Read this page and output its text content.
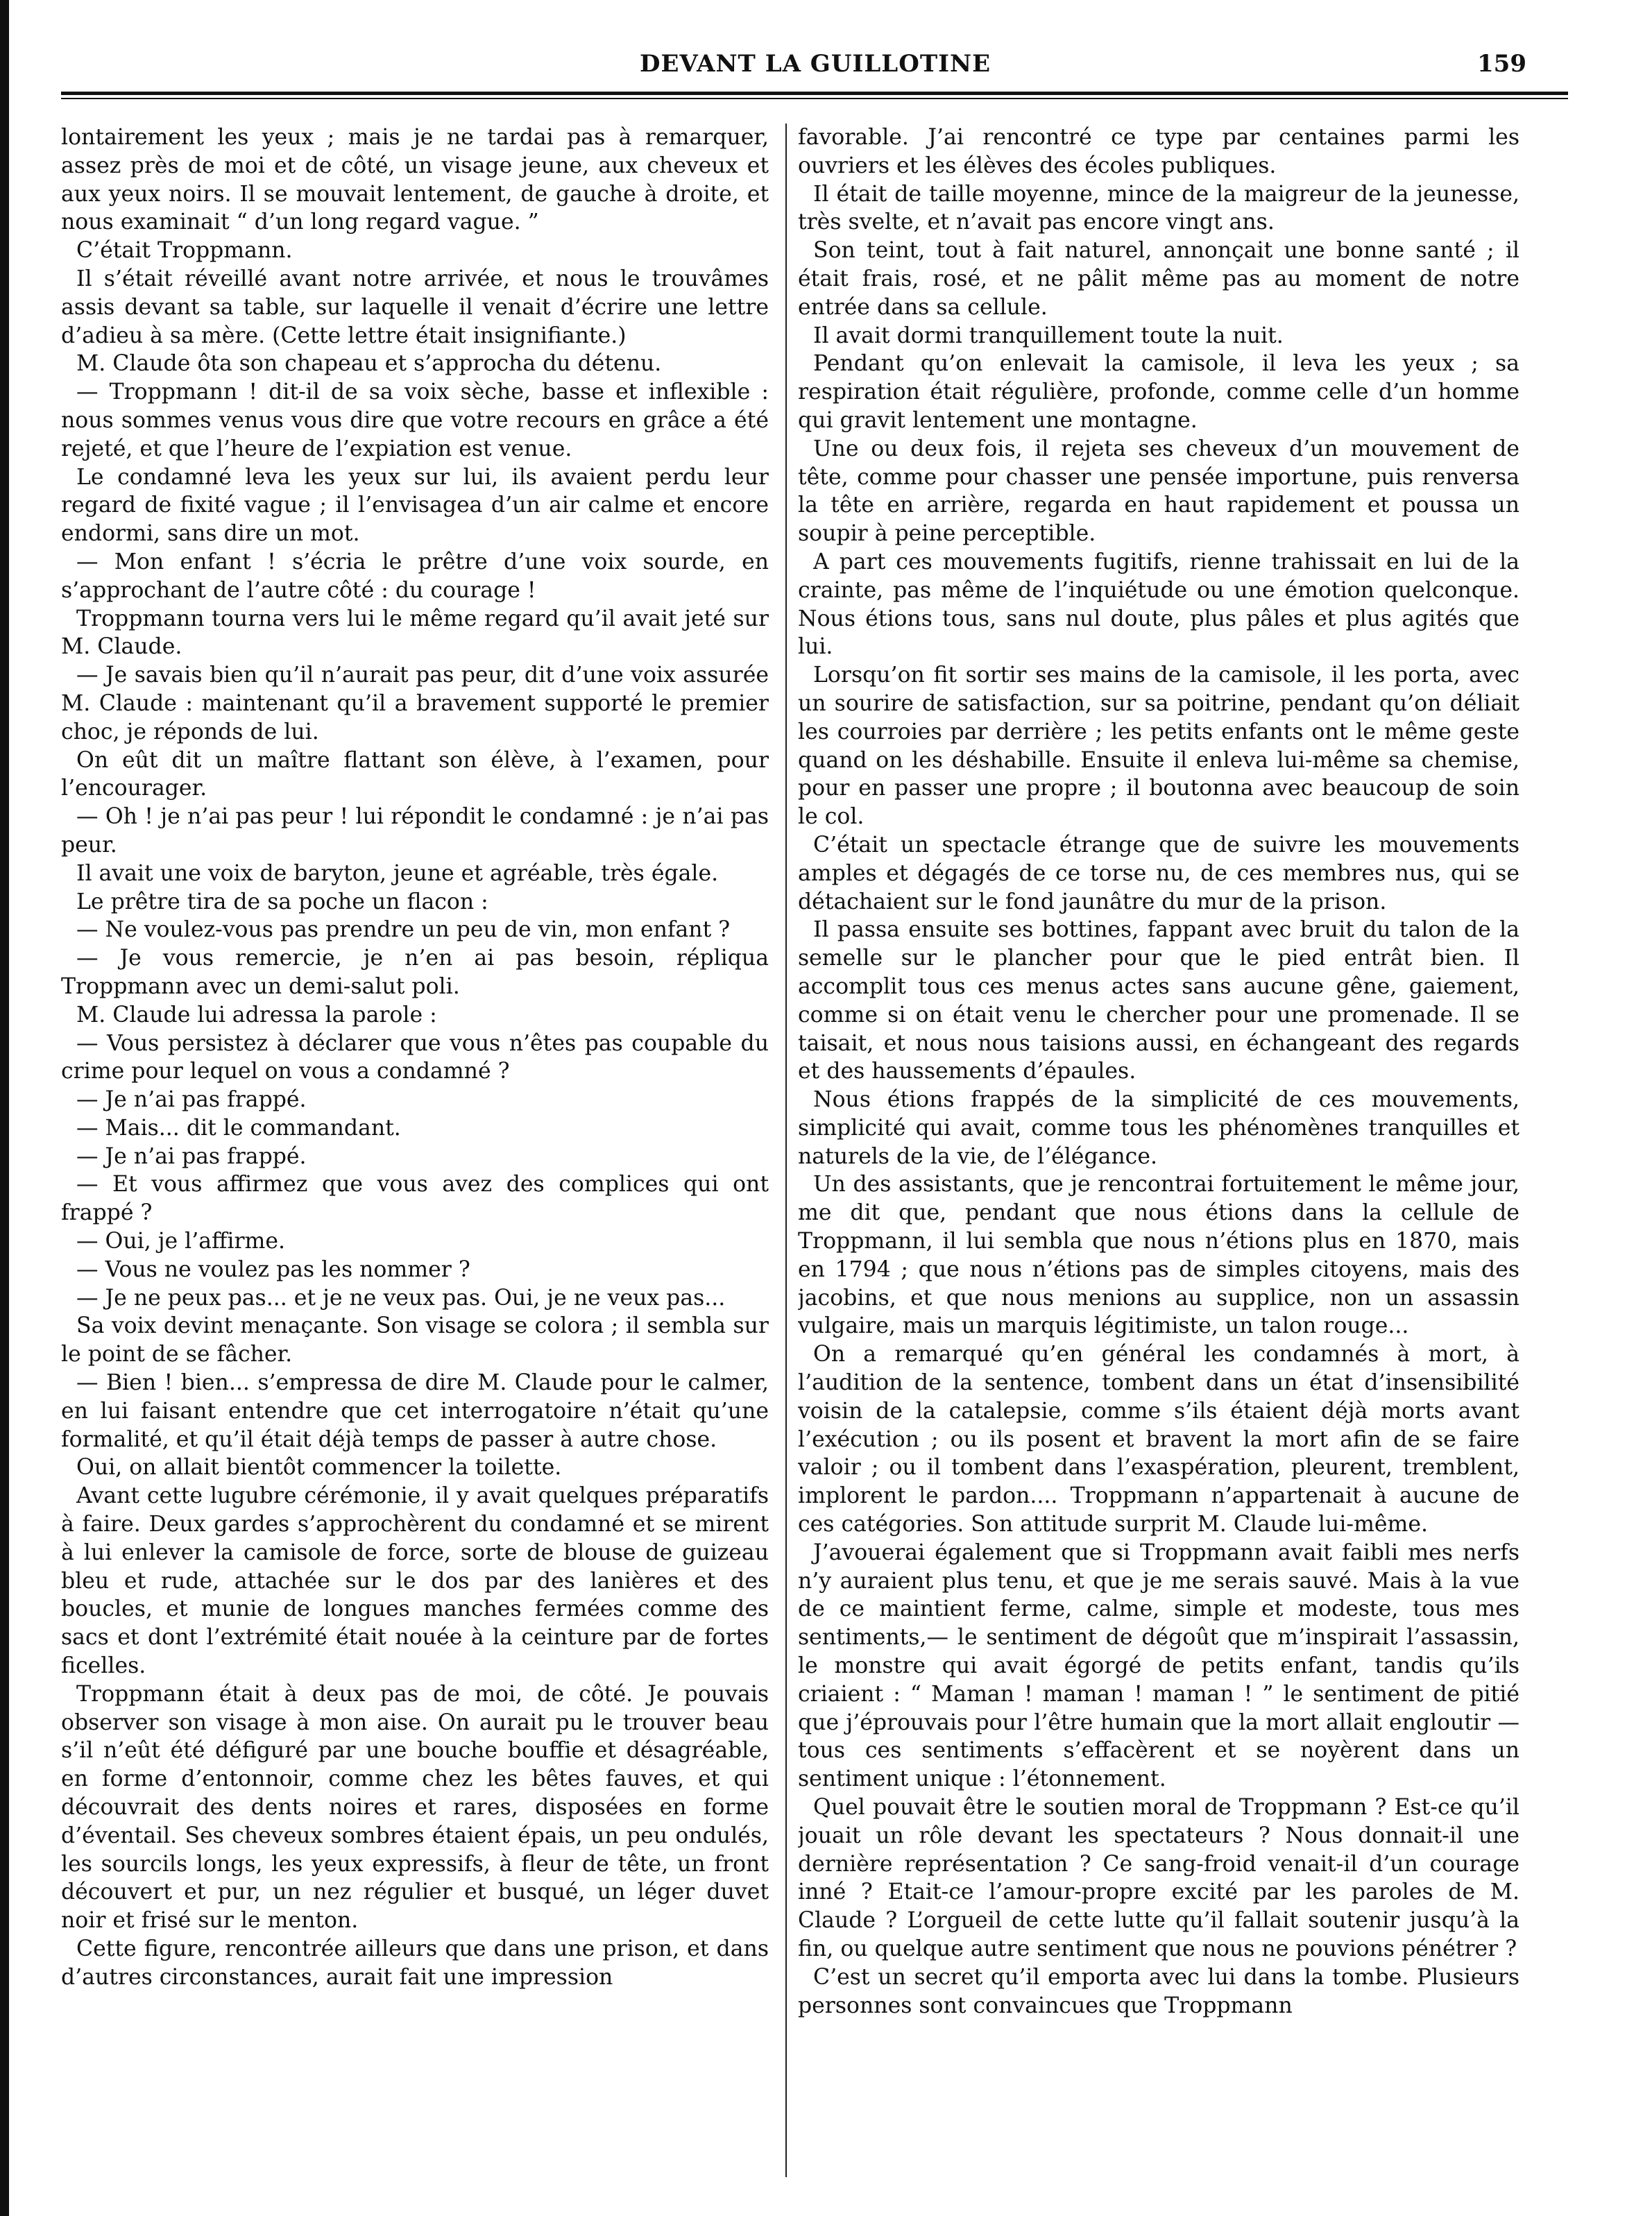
DEVANT LA GUILLOTINE	159

lontairement les yeux ; mais je ne tardai pas à remarquer, assez près de moi et de côté, un visage jeune, aux cheveux et aux yeux noirs. Il se mouvait lentement, de gauche à droite, et nous examinait “ d’un long regard vague. ”

C’était Troppmann.

Il s’était réveillé avant notre arrivée, et nous le trouvâmes assis devant sa table, sur laquelle il venait d’écrire une lettre d’adieu à sa mère. (Cette lettre était insignifiante.)

M. Claude ôta son chapeau et s’approcha du détenu.

— Troppmann ! dit-il de sa voix sèche, basse et inflexible : nous sommes venus vous dire que votre recours en grâce a été rejeté, et que l’heure de l’expiation est venue.

Le condamné leva les yeux sur lui, ils avaient perdu leur regard de fixité vague ; il l’envisagea d’un air calme et encore endormi, sans dire un mot.

— Mon enfant ! s’écria le prêtre d’une voix sourde, en s’approchant de l’autre côté : du courage !

Troppmann tourna vers lui le même regard qu’il avait jeté sur M. Claude.

— Je savais bien qu’il n’aurait pas peur, dit d’une voix assurée M. Claude : maintenant qu’il a bravement supporté le premier choc, je réponds de lui.

On eût dit un maître flattant son élève, à l’examen, pour l’encourager.

— Oh ! je n’ai pas peur ! lui répondit le condamné : je n’ai pas peur.

Il avait une voix de baryton, jeune et agréable, très égale.

Le prêtre tira de sa poche un flacon :

— Ne voulez-vous pas prendre un peu de vin, mon enfant ?

— Je vous remercie, je n’en ai pas besoin, répliqua Troppmann avec un demi-salut poli.

M. Claude lui adressa la parole :

— Vous persistez à déclarer que vous n’êtes pas coupable du crime pour lequel on vous a condamné ?

— Je n’ai pas frappé.

— Mais... dit le commandant.

— Je n’ai pas frappé.

— Et vous affirmez que vous avez des complices qui ont frappé ?

— Oui, je l’affirme.

— Vous ne voulez pas les nommer ?

— Je ne peux pas... et je ne veux pas. Oui, je ne veux pas...

Sa voix devint menaçante. Son visage se colora ; il sembla sur le point de se fâcher.

— Bien ! bien... s’empressa de dire M. Claude pour le calmer, en lui faisant entendre que cet interrogatoire n’était qu’une formalité, et qu’il était déjà temps de passer à autre chose.

Oui, on allait bientôt commencer la toilette.

Avant cette lugubre cérémonie, il y avait quelques préparatifs à faire. Deux gardes s’approchèrent du condamné et se mirent à lui enlever la camisole de force, sorte de blouse de guizeau bleu et rude, attachée sur le dos par des lanières et des boucles, et munie de longues manches fermées comme des sacs et dont l’extrémité était nouée à la ceinture par de fortes ficelles.

Troppmann était à deux pas de moi, de côté. Je pouvais observer son visage à mon aise. On aurait pu le trouver beau s’il n’eût été défiguré par une bouche bouffie et désagréable, en forme d’entonnoir, comme chez les bêtes fauves, et qui découvrait des dents noires et rares, disposées en forme d’éventail. Ses cheveux sombres étaient épais, un peu ondulés, les sourcils longs, les yeux expressifs, à fleur de tête, un front découvert et pur, un nez régulier et busqué, un léger duvet noir et frisé sur le menton.

Cette figure, rencontrée ailleurs que dans une prison, et dans d’autres circonstances, aurait fait une impression

favorable. J’ai rencontré ce type par centaines parmi les ouvriers et les élèves des écoles publiques.

Il était de taille moyenne, mince de la maigreur de la jeunesse, très svelte, et n’avait pas encore vingt ans.

Son teint, tout à fait naturel, annonçait une bonne santé ; il était frais, rosé, et ne pâlit même pas au moment de notre entrée dans sa cellule.

Il avait dormi tranquillement toute la nuit.

Pendant qu’on enlevait la camisole, il leva les yeux ; sa respiration était régulière, profonde, comme celle d’un homme qui gravit lentement une montagne.

Une ou deux fois, il rejeta ses cheveux d’un mouvement de tête, comme pour chasser une pensée importune, puis renversa la tête en arrière, regarda en haut rapidement et poussa un soupir à peine perceptible.

A part ces mouvements fugitifs, rienne trahissait en lui de la crainte, pas même de l’inquiétude ou une émotion quelconque. Nous étions tous, sans nul doute, plus pâles et plus agités que lui.

Lorsqu’on fit sortir ses mains de la camisole, il les porta, avec un sourire de satisfaction, sur sa poitrine, pendant qu’on déliait les courroies par derrière ; les petits enfants ont le même geste quand on les déshabille. Ensuite il enleva lui-même sa chemise, pour en passer une propre ; il boutonna avec beaucoup de soin le col.

C’était un spectacle étrange que de suivre les mouvements amples et dégagés de ce torse nu, de ces membres nus, qui se détachaient sur le fond jaunâtre du mur de la prison.

Il passa ensuite ses bottines, fappant avec bruit du talon de la semelle sur le plancher pour que le pied entrât bien. Il accomplit tous ces menus actes sans aucune gêne, gaiement, comme si on était venu le chercher pour une promenade. Il se taisait, et nous nous taisions aussi, en échangeant des regards et des haussements d’épaules.

Nous étions frappés de la simplicité de ces mouvements, simplicité qui avait, comme tous les phénomènes tranquilles et naturels de la vie, de l’élégance.

Un des assistants, que je rencontrai fortuitement le même jour, me dit que, pendant que nous étions dans la cellule de Troppmann, il lui sembla que nous n’étions plus en 1870, mais en 1794 ; que nous n’étions pas de simples citoyens, mais des jacobins, et que nous menions au supplice, non un assassin vulgaire, mais un marquis légitimiste, un talon rouge...

On a remarqué qu’en général les condamnés à mort, à l’audition de la sentence, tombent dans un état d’insensibilité voisin de la catalepsie, comme s’ils étaient déjà morts avant l’exécution ; ou ils posent et bravent la mort afin de se faire valoir ; ou il tombent dans l’exaspération, pleurent, tremblent, implorent le pardon.... Troppmann n’appartenait à aucune de ces catégories. Son attitude surprit M. Claude lui-même.

J’avouerai également que si Troppmann avait faibli mes nerfs n’y auraient plus tenu, et que je me serais sauvé. Mais à la vue de ce maintient ferme, calme, simple et modeste, tous mes sentiments,— le sentiment de dégoût que m’inspirait l’assassin, le monstre qui avait égorgé de petits enfant, tandis qu’ils criaient : “ Maman ! maman ! maman ! ” le sentiment de pitié que j’éprouvais pour l’être humain que la mort allait engloutir — tous ces sentiments s’effacèrent et se noyèrent dans un sentiment unique : l’étonnement.

Quel pouvait être le soutien moral de Troppmann ? Est-ce qu’il jouait un rôle devant les spectateurs ? Nous donnait-il une dernière représentation ? Ce sang-froid venait-il d’un courage inné ? Etait-ce l’amour-propre excité par les paroles de M. Claude ? L’orgueil de cette lutte qu’il fallait soutenir jusqu’à la fin, ou quelque autre sentiment que nous ne pouvions pénétrer ?

C’est un secret qu’il emporta avec lui dans la tombe. Plusieurs personnes sont convaincues que Troppmann
